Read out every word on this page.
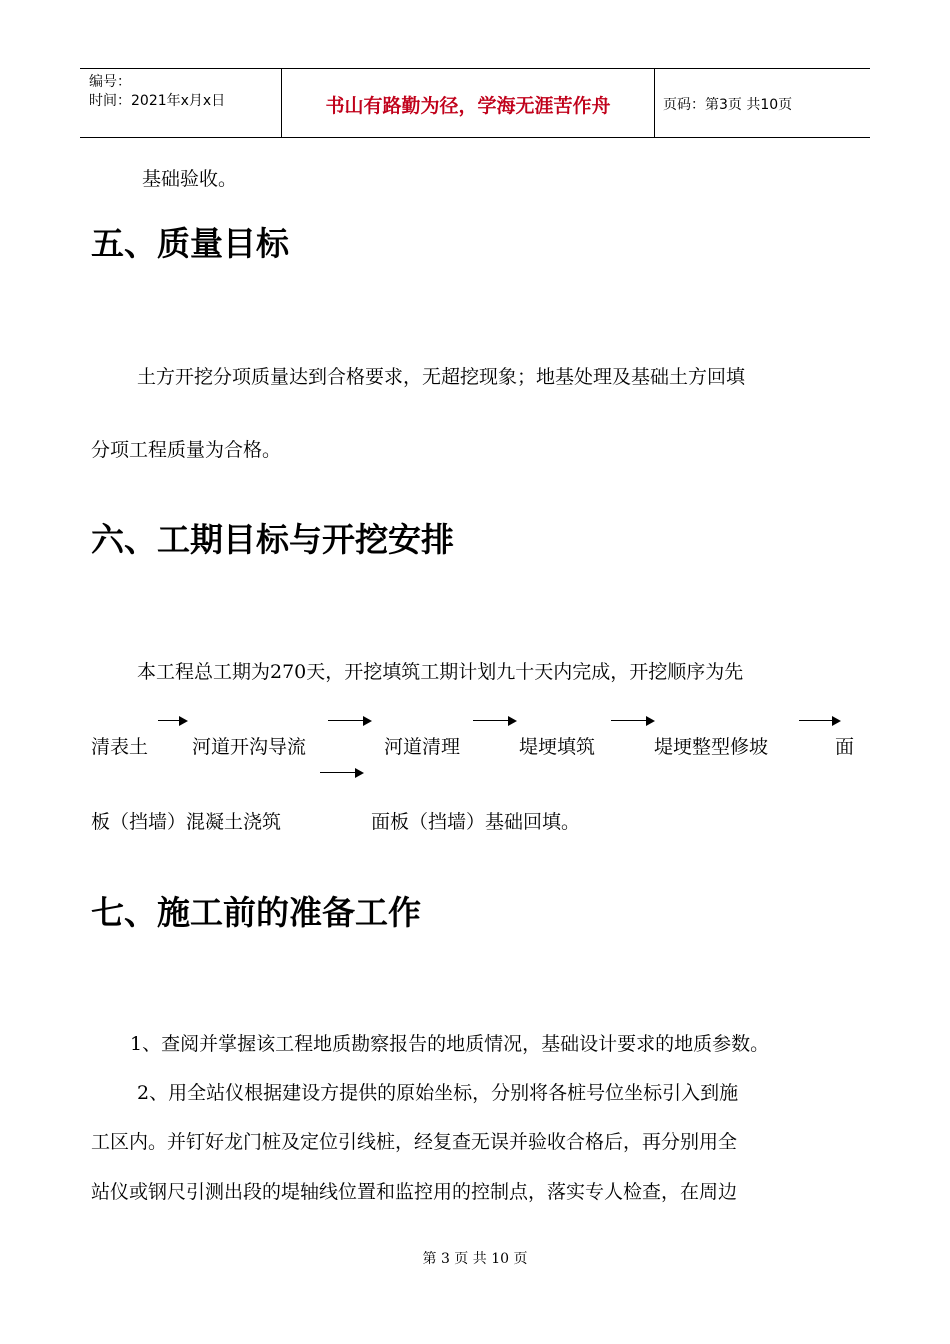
编号：
时间：2021年x月x日	书山有路勤为径，学海无涯苦作舟	页码：第3页 共10页
基础验收。
五、质量目标
土方开挖分项质量达到合格要求，无超挖现象；地基处理及基础土方回填
分项工程质量为合格。
六、工期目标与开挖安排
本工程总工期为270天，开挖填筑工期计划九十天内完成，开挖顺序为先
清表土 河道开沟导流	河道清理	堤埂填筑	堤埂整型修坡	面
板（挡墙）混凝土浇筑	面板（挡墙）基础回填。
七、施工前的准备工作
1、查阅并掌握该工程地质勘察报告的地质情况，基础设计要求的地质参数。
2、用全站仪根据建设方提供的原始坐标，分别将各桩号位坐标引入到施
工区内。并钉好龙门桩及定位引线桩，经复查无误并验收合格后，再分别用全
站仪或钢尺引测出段的堤轴线位置和监控用的控制点，落实专人检查，在周边
第 3 页 共 10 页
